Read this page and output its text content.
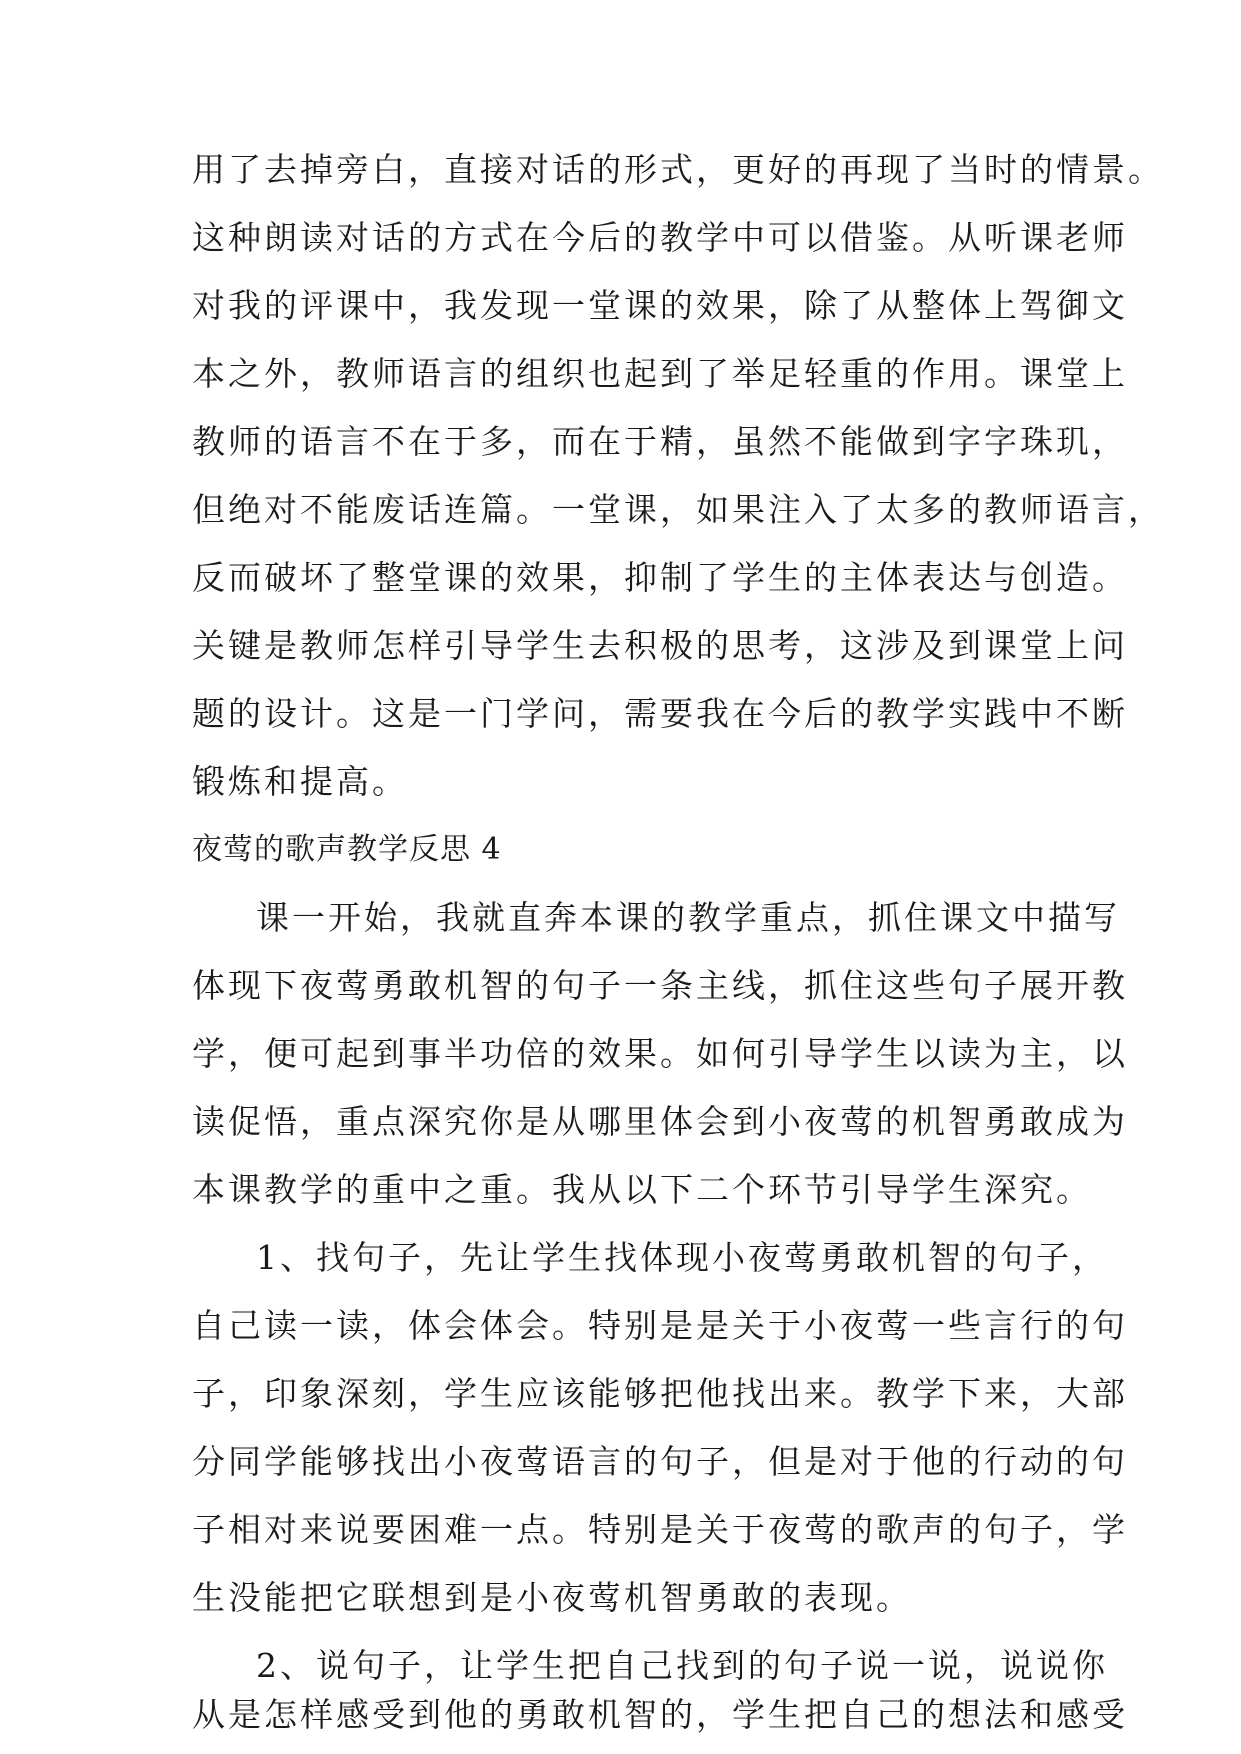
用了去掉旁白，直接对话的形式，更好的再现了当时的情景。
这种朗读对话的方式在今后的教学中可以借鉴。从听课老师
对我的评课中，我发现一堂课的效果，除了从整体上驾御文
本之外，教师语言的组织也起到了举足轻重的作用。课堂上
教师的语言不在于多，而在于精，虽然不能做到字字珠玑，
但绝对不能废话连篇。一堂课，如果注入了太多的教师语言，
反而破坏了整堂课的效果，抑制了学生的主体表达与创造。
关键是教师怎样引导学生去积极的思考，这涉及到课堂上问
题的设计。这是一门学问，需要我在今后的教学实践中不断
锻炼和提高。
夜莺的歌声教学反思 4
课一开始，我就直奔本课的教学重点，抓住课文中描写
体现下夜莺勇敢机智的句子一条主线，抓住这些句子展开教
学，便可起到事半功倍的效果。如何引导学生以读为主，以
读促悟，重点深究你是从哪里体会到小夜莺的机智勇敢成为
本课教学的重中之重。我从以下二个环节引导学生深究。
1、找句子，先让学生找体现小夜莺勇敢机智的句子，
自己读一读，体会体会。特别是是关于小夜莺一些言行的句
子，印象深刻，学生应该能够把他找出来。教学下来，大部
分同学能够找出小夜莺语言的句子，但是对于他的行动的句
子相对来说要困难一点。特别是关于夜莺的歌声的句子，学
生没能把它联想到是小夜莺机智勇敢的表现。
2、说句子，让学生把自己找到的句子说一说，说说你
从是怎样感受到他的勇敢机智的，学生把自己的想法和感受
